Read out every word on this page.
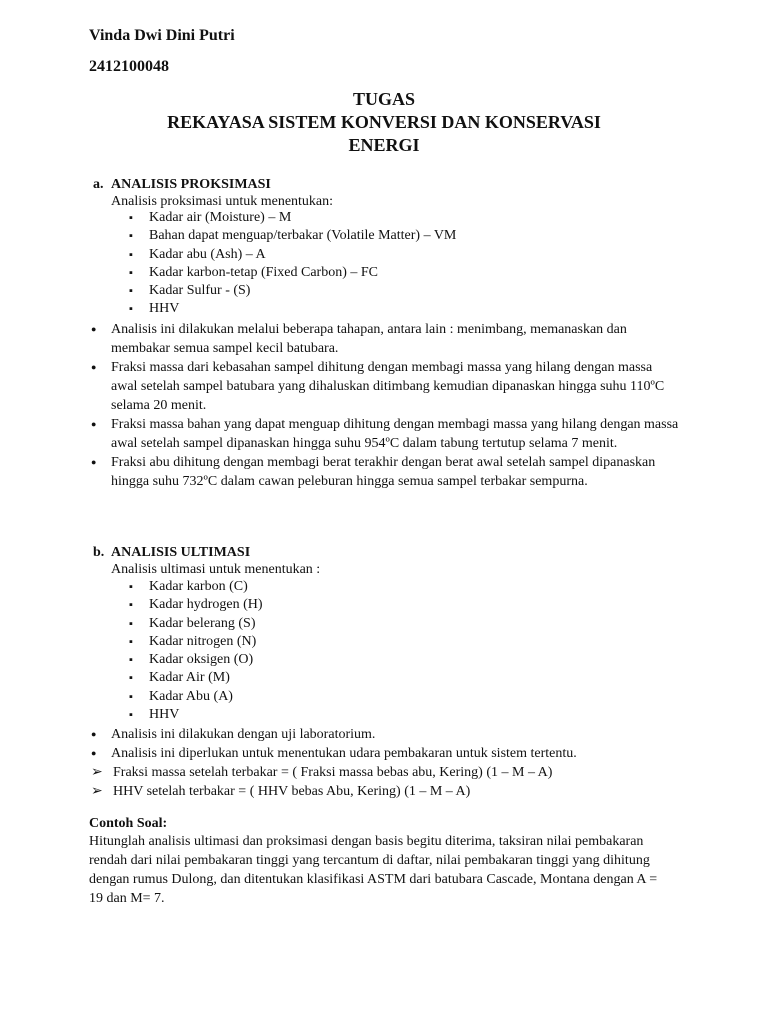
Vinda Dwi Dini Putri
2412100048
TUGAS
REKAYASA SISTEM KONVERSI DAN KONSERVASI
ENERGI
a. ANALISIS PROKSIMASI
Analisis proksimasi untuk menentukan:
▪ Kadar air (Moisture) – M
▪ Bahan dapat menguap/terbakar (Volatile Matter) – VM
▪ Kadar abu (Ash) – A
▪ Kadar karbon-tetap (Fixed Carbon) – FC
▪ Kadar Sulfur - (S)
▪ HHV
● Analisis ini dilakukan melalui beberapa tahapan, antara lain : menimbang, memanaskan dan membakar semua sampel kecil batubara.
● Fraksi massa dari kebasahan sampel dihitung dengan membagi massa yang hilang dengan massa awal setelah sampel batubara yang dihaluskan ditimbang kemudian dipanaskan hingga suhu 110ºC selama 20 menit.
● Fraksi massa bahan yang dapat menguap dihitung dengan membagi massa yang hilang dengan massa awal setelah sampel dipanaskan hingga suhu 954ºC dalam tabung tertutup selama 7 menit.
● Fraksi abu dihitung dengan membagi berat terakhir dengan berat awal setelah sampel dipanaskan hingga suhu 732ºC dalam cawan peleburan hingga semua sampel terbakar sempurna.
b. ANALISIS ULTIMASI
Analisis ultimasi untuk menentukan :
▪ Kadar karbon (C)
▪ Kadar hydrogen (H)
▪ Kadar belerang (S)
▪ Kadar nitrogen (N)
▪ Kadar oksigen (O)
▪ Kadar Air (M)
▪ Kadar Abu (A)
▪ HHV
● Analisis ini dilakukan dengan uji laboratorium.
● Analisis ini diperlukan untuk menentukan udara pembakaran untuk sistem tertentu.
➢ Fraksi massa setelah terbakar = ( Fraksi massa bebas abu, Kering) (1 – M – A)
➢ HHV setelah terbakar = ( HHV bebas Abu, Kering) (1 – M – A)
Contoh Soal:
Hitunglah analisis ultimasi dan proksimasi dengan basis begitu diterima, taksiran nilai pembakaran rendah dari nilai pembakaran tinggi yang tercantum di daftar, nilai pembakaran tinggi yang dihitung dengan rumus Dulong, dan ditentukan klasifikasi ASTM dari batubara Cascade, Montana dengan A = 19 dan M= 7.
